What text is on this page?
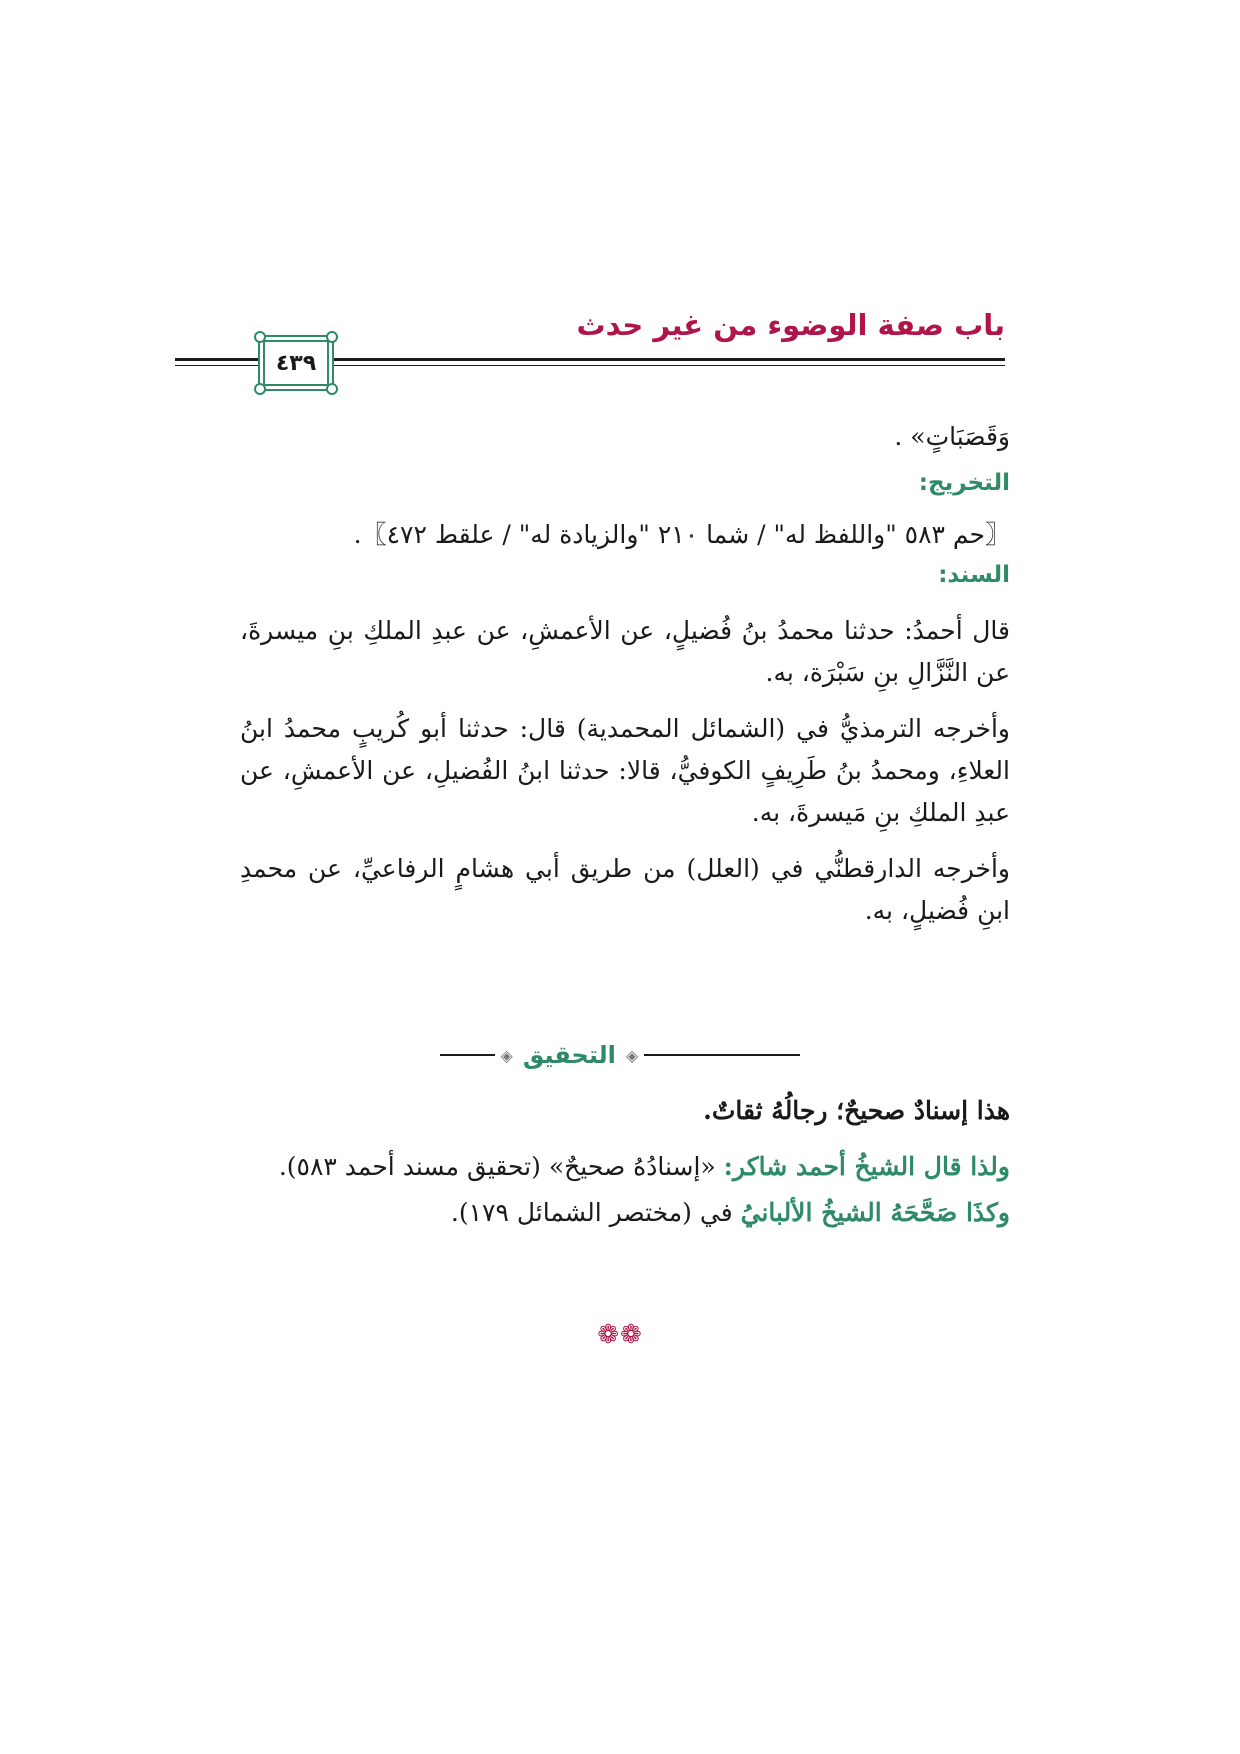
باب صفة الوضوء من غير حدث
٤٣٩

وَقَصَبَاتٍ» .

التخريج:

〖حم ٥٨٣ "واللفظ له" / شما ٢١٠ "والزيادة له" / علقط ٤٧٢〗.

السند:

قال أحمدُ: حدثنا محمدُ بنُ فُضيلٍ، عن الأعمشِ، عن عبدِ الملكِ بنِ ميسرةَ، عن النَّزَّالِ بنِ سَبْرَة، به.

وأخرجه الترمذيُّ في (الشمائل المحمدية) قال: حدثنا أبو كُريبٍ محمدُ ابنُ العلاءِ، ومحمدُ بنُ طَرِيفٍ الكوفيُّ، قالا: حدثنا ابنُ الفُضيلِ، عن الأعمشِ، عن عبدِ الملكِ بنِ مَيسرةَ، به.

وأخرجه الدارقطنُّي في (العلل) من طريق أبي هشامٍ الرفاعيِّ، عن محمدِ ابنِ فُضيلٍ، به.

◈
التحقيق
◈

هذا إسنادٌ صحيحٌ؛ رجالُهُ ثقاتٌ.

ولذا قال الشيخُ أحمد شاكر: «إسنادُهُ صحيحٌ» (تحقيق مسند أحمد ٥٨٣).

وكذَا صَحَّحَهُ الشيخُ الألبانيُ في (مختصر الشمائل ١٧٩).

❁❁
